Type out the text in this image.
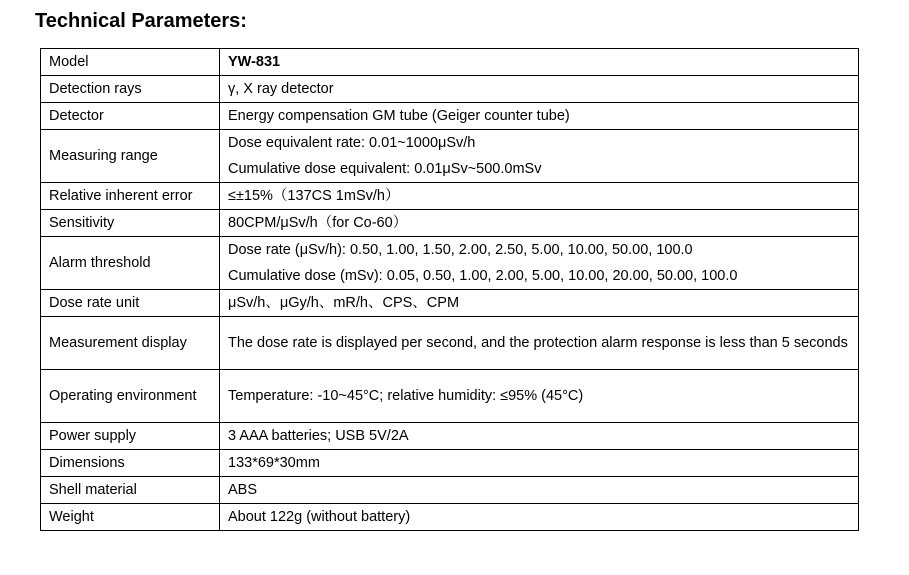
Technical Parameters:
Model	YW-831
Detection rays	γ, X ray detector
Detector	Energy compensation GM tube (Geiger counter tube)
Measuring range	Dose equivalent rate: 0.01~1000μSv/h
Cumulative dose equivalent: 0.01μSv~500.0mSv

Relative inherent error	≤±15%（137CS 1mSv/h）
Sensitivity	80CPM/μSv/h（for Co-60）
Alarm threshold	Dose rate (μSv/h): 0.50, 1.00, 1.50, 2.00, 2.50, 5.00, 10.00, 50.00, 100.0
Cumulative dose (mSv): 0.05, 0.50, 1.00, 2.00, 5.00, 10.00, 20.00, 50.00, 100.0

Dose rate unit	μSv/h、μGy/h、mR/h、CPS、CPM
Measurement display	The dose rate is displayed per second, and the protection alarm response is less than 5 seconds
Operating environment	Temperature: -10~45°C; relative humidity: ≤95% (45°C)
Power supply	3 AAA batteries; USB 5V/2A
Dimensions	133*69*30mm
Shell material	ABS
Weight	About 122g (without battery)
